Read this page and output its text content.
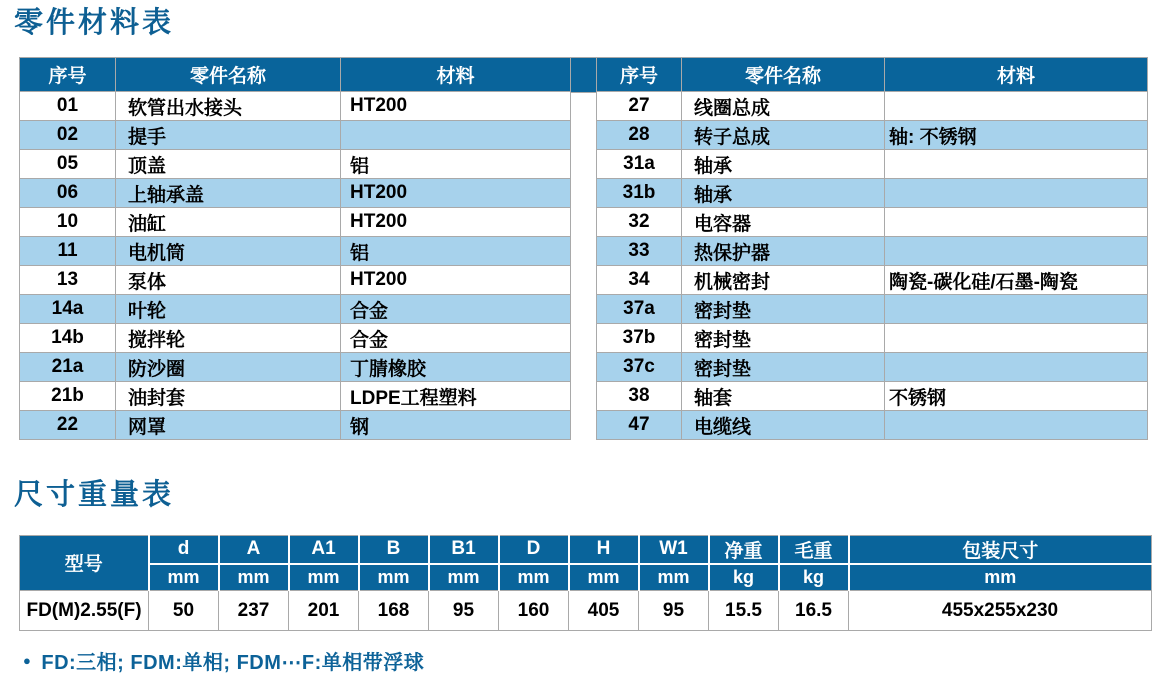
零件材料表
序号	零件名称	材料
01	软管出水接头	HT200
02	提手	
05	顶盖	铝
06	上轴承盖	HT200
10	油缸	HT200
11	电机筒	铝
13	泵体	HT200
14a	叶轮	合金
14b	搅拌轮	合金
21a	防沙圈	丁腈橡胶
21b	油封套	LDPE工程塑料
22	网罩	钢
序号	零件名称	材料
27	线圈总成	
28	转子总成	轴: 不锈钢
31a	轴承	
31b	轴承	
32	电容器	
33	热保护器	
34	机械密封	陶瓷-碳化硅/石墨-陶瓷
37a	密封垫	
37b	密封垫	
37c	密封垫	
38	轴套	不锈钢
47	电缆线	
尺寸重量表
型号	d	A	A1	B	B1	D	H	W1	净重	毛重	包装尺寸
	mm	mm	mm	mm	mm	mm	mm	mm	kg	kg	mm
FD(M)2.55(F)	50	237	201	168	95	160	405	95	15.5	16.5	455x255x230
● FD:三相; FDM:单相; FDM⋯F:单相带浮球
